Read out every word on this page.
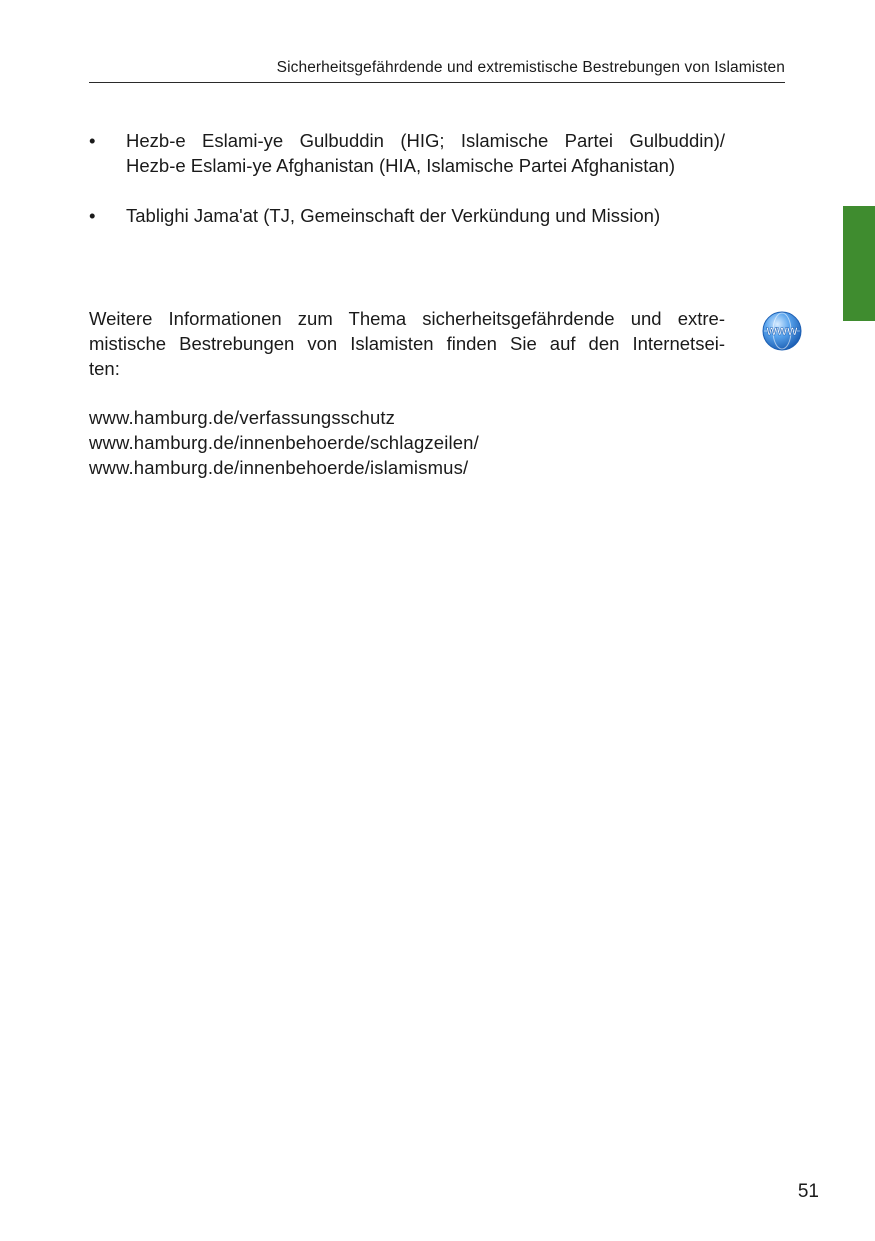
Sicherheitsgefährdende und extremistische Bestrebungen von Islamisten
• Hezb-e Eslami-ye Gulbuddin (HIG; Islamische Partei Gulbuddin)/
Hezb-e Eslami-ye Afghanistan (HIA, Islamische Partei Afghanistan)
• Tablighi Jama'at (TJ, Gemeinschaft der Verkündung und Mission)

Weitere Informationen zum Thema sicherheitsgefährdende und extre-
mistische Bestrebungen von Islamisten finden Sie auf den Internetsei-
ten:

WWW
www.hamburg.de/verfassungsschutz
www.hamburg.de/innenbehoerde/schlagzeilen/
www.hamburg.de/innenbehoerde/islamismus/
51
